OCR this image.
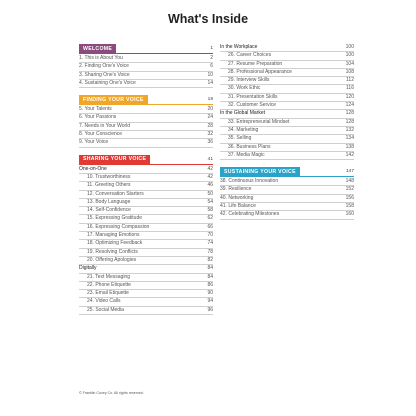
What's Inside
WELCOME	1
1. This is About You	2
2. Finding One's Voice	6
3. Sharing One's Voice	10
4. Sustaining One's Voice	14
FINDING YOUR VOICE	19
5. Your Talents	20
6. Your Passions	24
7. Needs in Your World	28
8. Your Conscience	32
9. Your Voice	36
SHARING YOUR VOICE	41
One-on-One	42
10. Trustworthiness	42
11. Greeting Others	46
12. Conversation Starters	50
13. Body Language	54
14. Self-Confidence	58
15. Expressing Gratitude	62
16. Expressing Compassion	66
17. Managing Emotions	70
18. Optimizing Feedback	74
19. Resolving Conflicts	78
20. Offering Apologies	82
Digitally	84
21. Text Messaging	84
22. Phone Etiquette	86
23. Email Etiquette	90
24. Video Calls	94
25. Social Media	96
In the Workplace	100
26. Career Choices	100
27. Resume Preparation	104
28. Professional Appearance	108
29. Interview Skills	112
30. Work Ethic	116
31. Presentation Skills	120
32. Customer Service	124
In the Global Market	128
33. Entrepreneurial Mindset	128
34. Marketing	132
35. Selling	134
36. Business Plans	138
37. Media Magic	142
SUSTAINING YOUR VOICE	147
38. Continuous Innovation	148
39. Resilience	152
40. Networking	156
41. Life Balance	158
42. Celebrating Milestones	160
© Franklin Covey Co. All rights reserved.
